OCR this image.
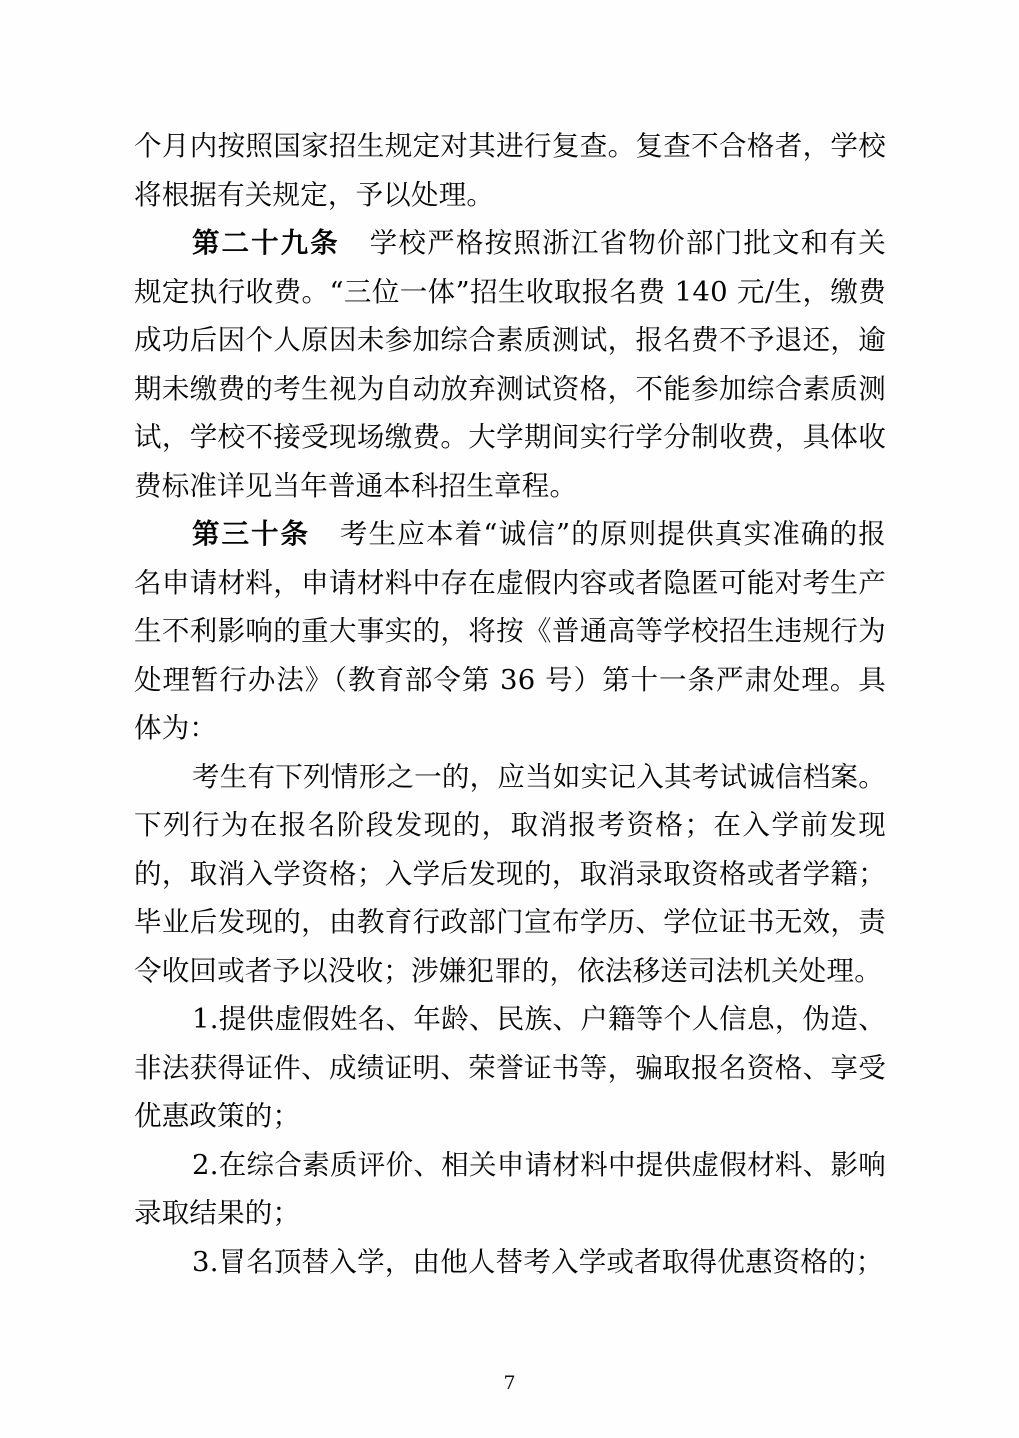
个月内按照国家招生规定对其进行复查。复查不合格者，学校将根据有关规定，予以处理。

第二十九条 学校严格按照浙江省物价部门批文和有关规定执行收费。“三位一体”招生收取报名费 140 元/生，缴费成功后因个人原因未参加综合素质测试，报名费不予退还，逾期未缴费的考生视为自动放弃测试资格，不能参加综合素质测试，学校不接受现场缴费。大学期间实行学分制收费，具体收费标准详见当年普通本科招生章程。

第三十条 考生应本着“诚信”的原则提供真实准确的报名申请材料，申请材料中存在虚假内容或者隐匿可能对考生产生不利影响的重大事实的，将按《普通高等学校招生违规行为处理暂行办法》（教育部令第 36 号）第十一条严肃处理。具体为：

考生有下列情形之一的，应当如实记入其考试诚信档案。下列行为在报名阶段发现的，取消报考资格；在入学前发现的，取消入学资格；入学后发现的，取消录取资格或者学籍；毕业后发现的，由教育行政部门宣布学历、学位证书无效，责令收回或者予以没收；涉嫌犯罪的，依法移送司法机关处理。

1.提供虚假姓名、年龄、民族、户籍等个人信息，伪造、非法获得证件、成绩证明、荣誉证书等，骗取报名资格、享受优惠政策的；

2.在综合素质评价、相关申请材料中提供虚假材料、影响录取结果的；

3.冒名顶替入学，由他人替考入学或者取得优惠资格的；

7
